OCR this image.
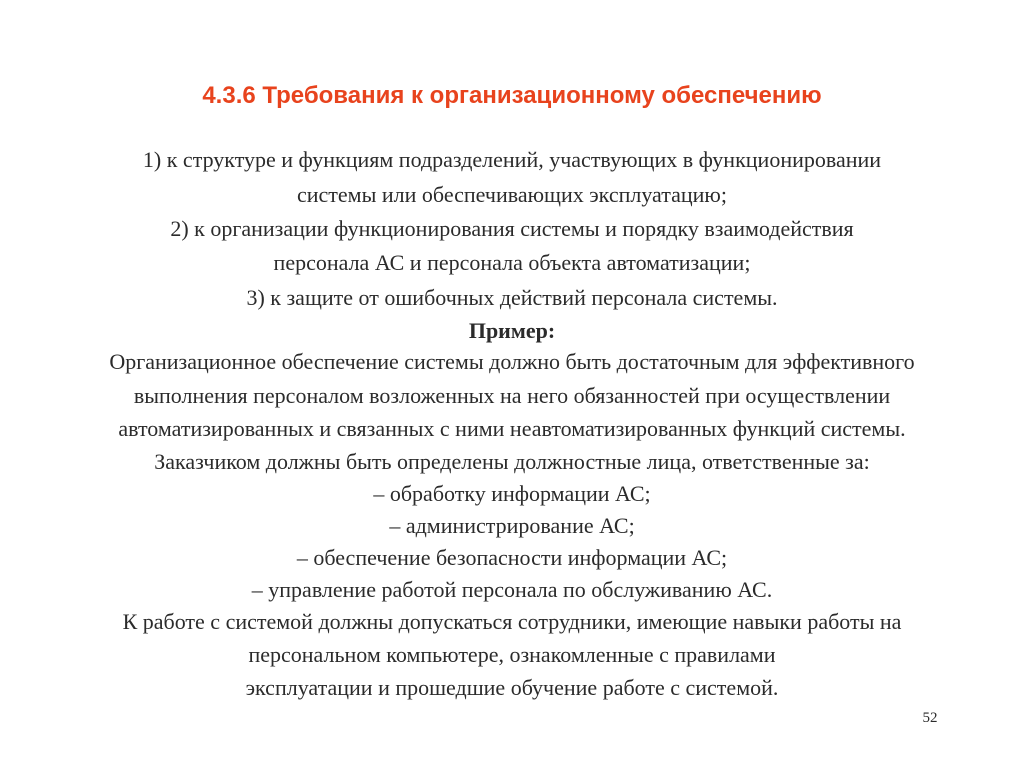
4.3.6 Требования к организационному обеспечению
1) к структуре и функциям подразделений, участвующих в функционировании
системы или обеспечивающих эксплуатацию;
2) к организации функционирования системы и порядку взаимодействия
персонала АС и персонала объекта автоматизации;
3) к защите от ошибочных действий персонала системы.
Пример:
Организационное обеспечение системы должно быть достаточным для эффективного
выполнения персоналом возложенных на него обязанностей при осуществлении
автоматизированных и связанных с ними неавтоматизированных функций системы.
Заказчиком должны быть определены должностные лица, ответственные за:
– обработку информации АС;
– администрирование АС;
– обеспечение безопасности информации АС;
– управление работой персонала по обслуживанию АС.
К работе с системой должны допускаться сотрудники, имеющие навыки работы на
персональном компьютере, ознакомленные с правилами
эксплуатации и прошедшие обучение работе с системой.
52
